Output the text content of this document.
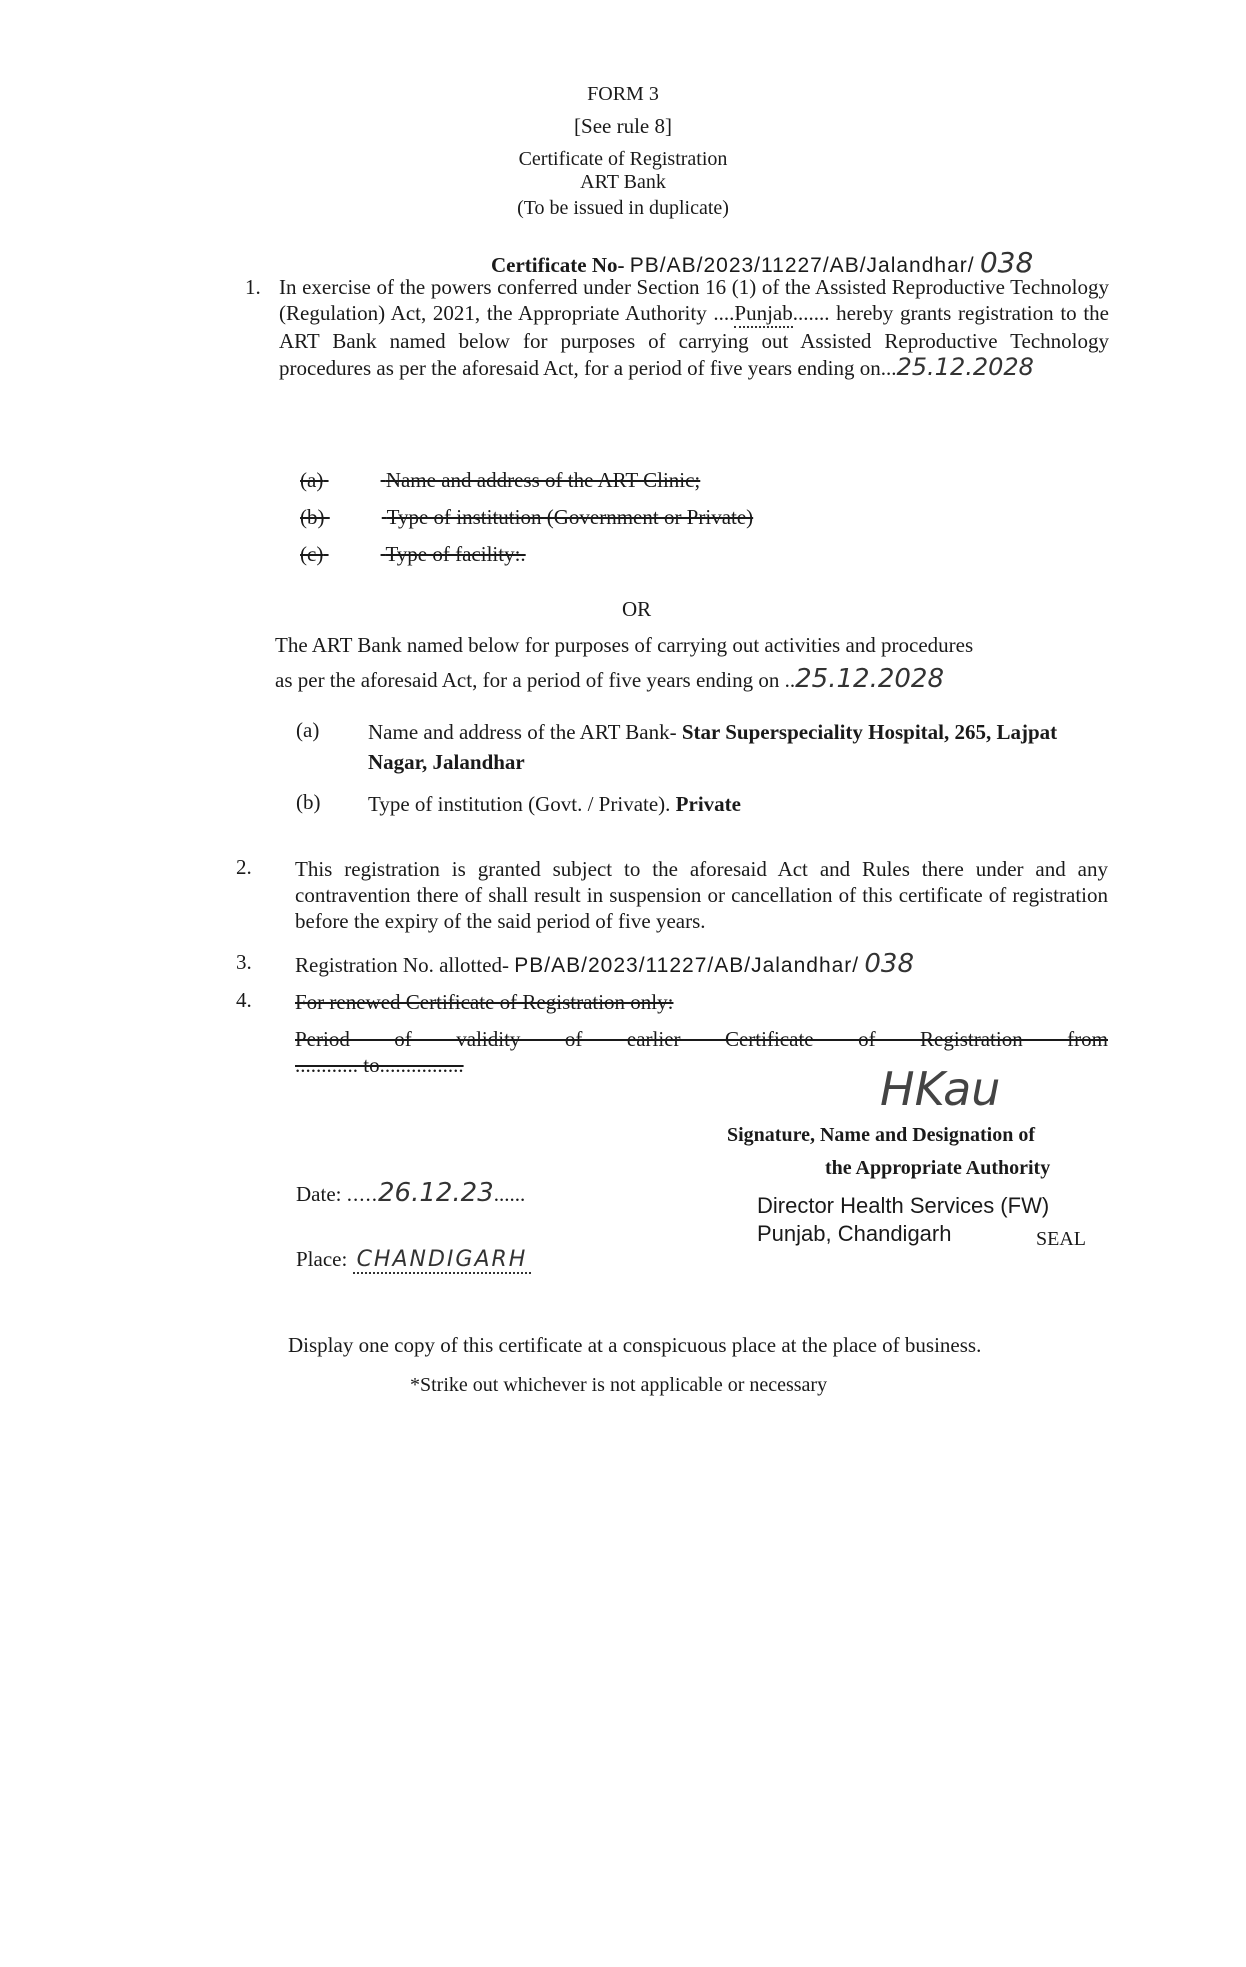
FORM 3
[See rule 8]
Certificate of Registration
ART Bank
(To be issued in duplicate)
Certificate No- PB/AB/2023/11227/AB/Jalandhar/ 038
1. In exercise of the powers conferred under Section 16 (1) of the Assisted Reproductive Technology (Regulation) Act, 2021, the Appropriate Authority ....Punjab....... hereby grants registration to the ART Bank named below for purposes of carrying out Assisted Reproductive Technology procedures as per the aforesaid Act, for a period of five years ending on...25.12.2028
(a)	Name and address of the ART Clinic;
(b)	Type of institution (Government or Private)
(c)	Type of facility:.
OR
The ART Bank named below for purposes of carrying out activities and procedures
as per the aforesaid Act, for a period of five years ending on ..25.12.2028
(a) Name and address of the ART Bank- Star Superspeciality Hospital, 265, Lajpat Nagar, Jalandhar
(b) Type of institution (Govt. / Private). Private
2. This registration is granted subject to the aforesaid Act and Rules there under and any contravention there of shall result in suspension or cancellation of this certificate of registration before the expiry of the said period of five years.
3. Registration No. allotted- PB/AB/2023/11227/AB/Jalandhar/ 038
4. For renewed Certificate of Registration only:
Period of validity of earlier Certificate of Registration from
............ to................	HKau
Signature, Name and Designation of
the Appropriate Authority
Director Health Services (FW)
Punjab, Chandigarh	SEAL
Date: .....26.12.23......
Place: CHANDIGARH
Display one copy of this certificate at a conspicuous place at the place of business.
*Strike out whichever is not applicable or necessary
